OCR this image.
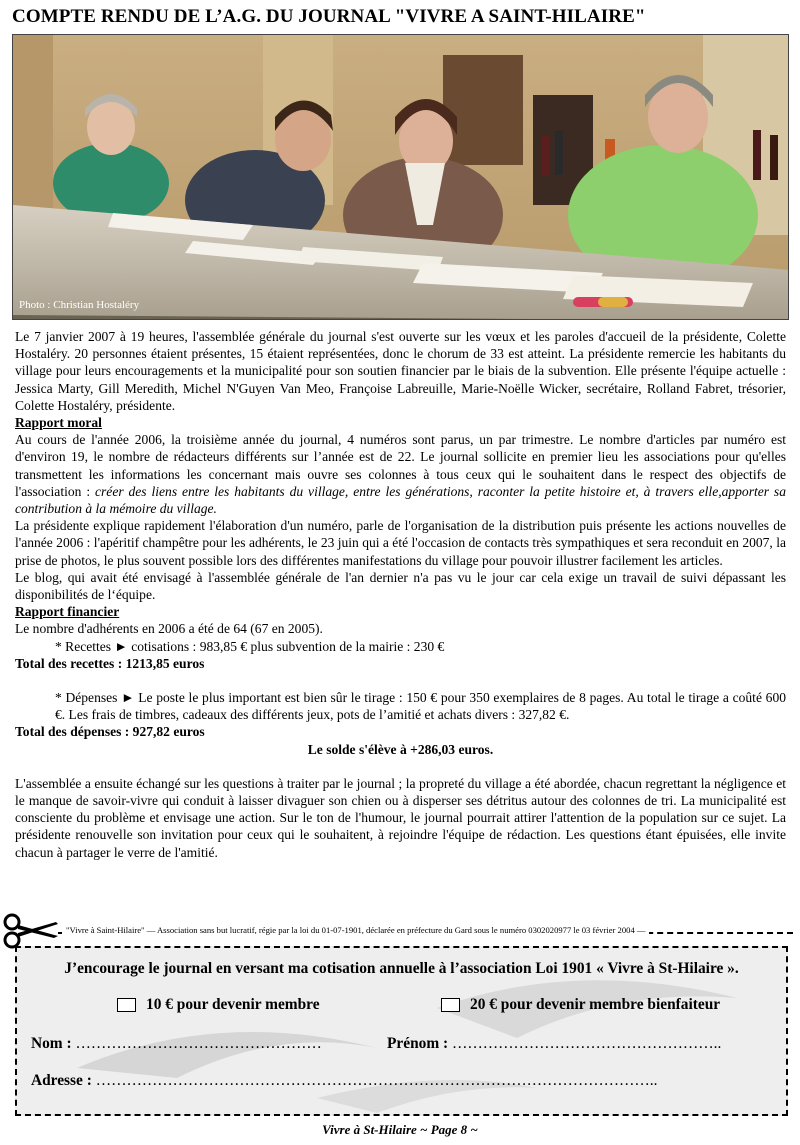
COMPTE RENDU DE L’A.G. DU JOURNAL "VIVRE A SAINT-HILAIRE"
Photo : Christian Hostaléry

Le 7 janvier 2007 à 19 heures, l'assemblée générale du journal s'est ouverte sur les vœux et les paroles d'accueil de la présidente, Colette Hostaléry. 20 personnes étaient présentes, 15 étaient représentées, donc le chorum de 33 est atteint. La présidente remercie les habitants du village pour leurs encouragements et la municipalité pour son soutien financier par le biais de la subvention. Elle présente l'équipe actuelle : Jessica Marty, Gill Meredith, Michel N'Guyen Van Meo, Françoise Labreuille, Marie-Noëlle Wicker, secrétaire, Rolland Fabret, trésorier, Colette Hostaléry, présidente.

Rapport moral

Au cours de l'année 2006, la troisième année du journal, 4 numéros sont parus, un par trimestre. Le nombre d'articles par numéro est d'environ 19, le nombre de rédacteurs différents sur l’année est de 22. Le journal sollicite en premier lieu les associations pour qu'elles transmettent les informations les concernant mais ouvre ses colonnes à tous ceux qui le souhaitent dans le respect des objectifs de l'association : créer des liens entre les habitants du village, entre les générations, raconter la petite histoire et, à travers elle,apporter sa contribution à la mémoire du village.

La présidente explique rapidement l'élaboration d'un numéro, parle de l'organisation de la distribution puis présente les actions nouvelles de l'année 2006 : l'apéritif champêtre pour les adhérents, le 23 juin qui a été l'occasion de contacts très sympathiques et sera reconduit en 2007, la prise de photos, le plus souvent possible lors des différentes manifestations du village pour pouvoir illustrer facilement les articles.

Le blog, qui avait été envisagé à l'assemblée générale de l'an dernier n'a pas vu le jour car cela exige un travail de suivi dépassant les disponibilités de l‘équipe.

Rapport financier

Le nombre d'adhérents en 2006 a été de 64 (67 en 2005).

* Recettes ► cotisations : 983,85 € plus subvention de la mairie : 230 €

Total des recettes : 1213,85 euros

* Dépenses ► Le poste le plus important est bien sûr le tirage : 150 € pour 350 exemplaires de 8 pages. Au total le tirage a coûté 600 €. Les frais de timbres, cadeaux des différents jeux, pots de l’amitié et achats divers : 327,82 €.

Total des dépenses : 927,82 euros

Le solde s'élève à +286,03 euros.

L'assemblée a ensuite échangé sur les questions à traiter par le journal ; la propreté du village a été abordée, chacun regrettant la négligence et le manque de savoir-vivre qui conduit à laisser divaguer son chien ou à disperser ses détritus autour des colonnes de tri. La municipalité est consciente du problème et envisage une action. Sur le ton de l'humour, le journal pourrait attirer l'attention de la population sur ce sujet. La présidente renouvelle son invitation pour ceux qui le souhaitent, à rejoindre l'équipe de rédaction. Les questions étant épuisées, elle invite chacun à partager le verre de l'amitié.

"Vivre à Saint-Hilaire" — Association sans but lucratif, régie par la loi du 01-07-1901, déclarée en préfecture du Gard sous le numéro 0302020977 le 03 février 2004 —
J’encourage le journal en versant ma cotisation annuelle à l’association Loi 1901 « Vivre à St-Hilaire ».
10 € pour devenir membre	20 € pour devenir membre bienfaiteur
Nom : …………………………………………	Prénom : ……………………………………………..
Adresse : ………………………………………………………………………………………………..
Vivre à St-Hilaire ~ Page 8 ~
